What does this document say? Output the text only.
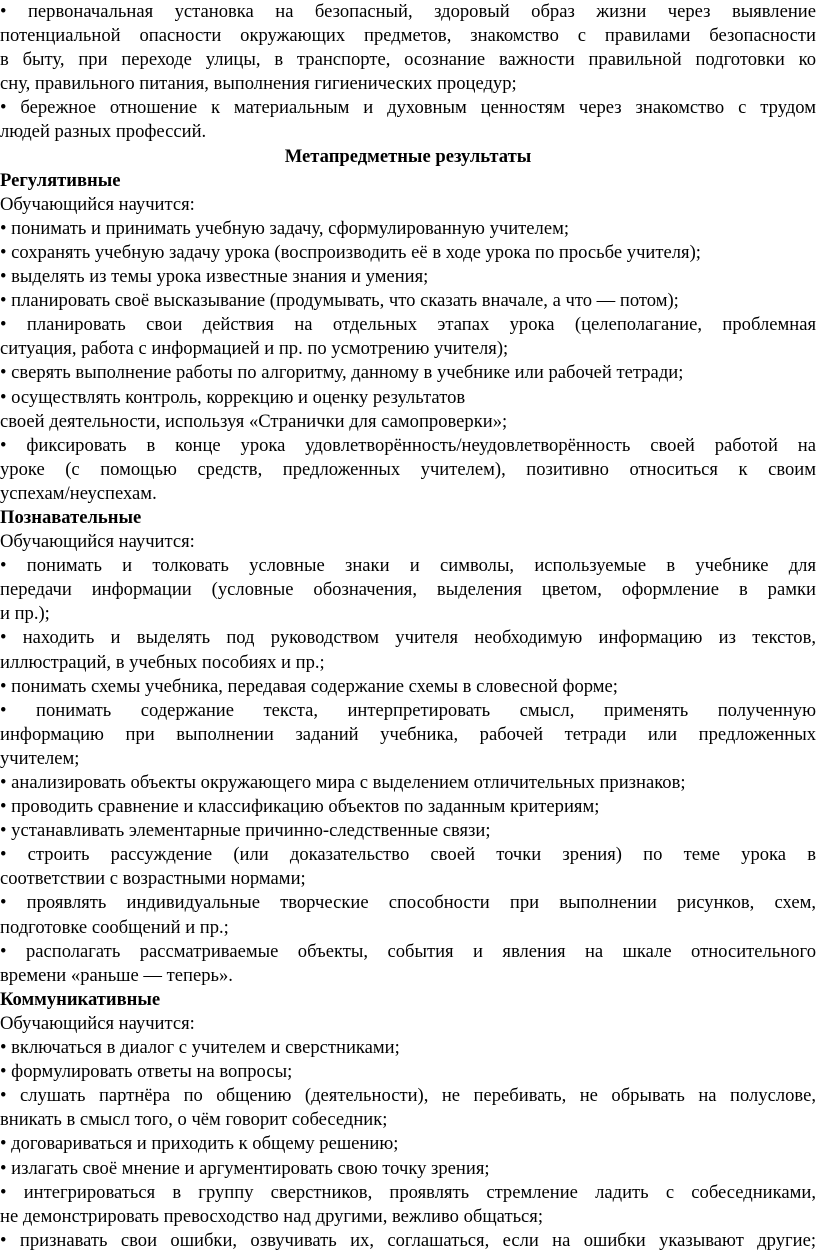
• первоначальная установка на безопасный, здоровый образ жизни через выявление
потенциальной опасности окружающих предметов, знакомство с правилами безопасности
в быту, при переходе улицы, в транспорте, осознание важности правильной подготовки ко
сну, правильного питания, выполнения гигиенических процедур;
• бережное отношение к материальным и духовным ценностям через знакомство с трудом
людей разных профессий.
Метапредметные результаты
Регулятивные
Обучающийся научится:
• понимать и принимать учебную задачу, сформулированную учителем;
• сохранять учебную задачу урока (воспроизводить её в ходе урока по просьбе учителя);
• выделять из темы урока известные знания и умения;
• планировать своё высказывание (продумывать, что сказать вначале, а что — потом);
• планировать свои действия на отдельных этапах урока (целеполагание, проблемная
ситуация, работа с информацией и пр. по усмотрению учителя);
• сверять выполнение работы по алгоритму, данному в учебнике или рабочей тетради;
• осуществлять контроль, коррекцию и оценку результатов
своей деятельности, используя «Странички для самопроверки»;
• фиксировать в конце урока удовлетворённость/неудовлетворённость своей работой на
уроке (с помощью средств, предложенных учителем), позитивно относиться к своим
успехам/неуспехам.
Познавательные
Обучающийся научится:
• понимать и толковать условные знаки и символы, используемые в учебнике для
передачи информации (условные обозначения, выделения цветом, оформление в рамки
и пр.);
• находить и выделять под руководством учителя необходимую информацию из текстов,
иллюстраций, в учебных пособиях и пр.;
• понимать схемы учебника, передавая содержание схемы в словесной форме;
• понимать содержание текста, интерпретировать смысл, применять полученную
информацию при выполнении заданий учебника, рабочей тетради или предложенных
учителем;
• анализировать объекты окружающего мира с выделением отличительных признаков;
• проводить сравнение и классификацию объектов по заданным критериям;
• устанавливать элементарные причинно-следственные связи;
• строить рассуждение (или доказательство своей точки зрения) по теме урока в
соответствии с возрастными нормами;
• проявлять индивидуальные творческие способности при выполнении рисунков, схем,
подготовке сообщений и пр.;
• располагать рассматриваемые объекты, события и явления на шкале относительного
времени «раньше — теперь».
Коммуникативные
Обучающийся научится:
• включаться в диалог с учителем и сверстниками;
• формулировать ответы на вопросы;
• слушать партнёра по общению (деятельности), не перебивать, не обрывать на полуслове,
вникать в смысл того, о чём говорит собеседник;
• договариваться и приходить к общему решению;
• излагать своё мнение и аргументировать свою точку зрения;
• интегрироваться в группу сверстников, проявлять стремление ладить с собеседниками,
не демонстрировать превосходство над другими, вежливо общаться;
• признавать свои ошибки, озвучивать их, соглашаться, если на ошибки указывают другие;
